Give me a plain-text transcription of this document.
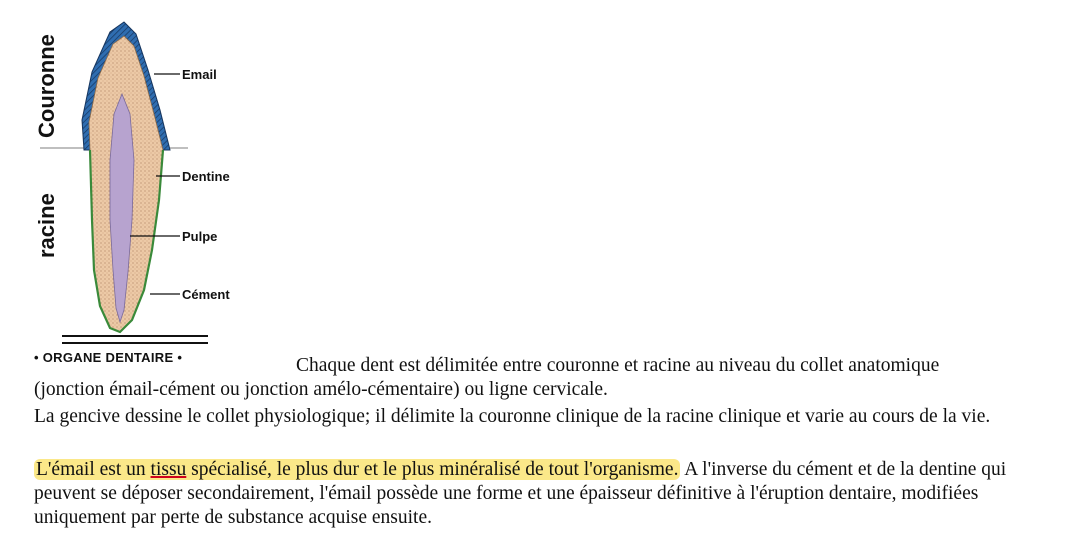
Couronne
racine
Email
Dentine
Pulpe
Cément
• ORGANE DENTAIRE •	Chaque dent est délimitée entre couronne et racine au niveau du collet anatomique
(jonction émail-cément ou jonction amélo-cémentaire) ou ligne cervicale.

La gencive dessine le collet physiologique; il délimite la couronne clinique de la racine clinique et varie au cours de la vie.

L'émail est un tissu spécialisé, le plus dur et le plus minéralisé de tout l'organisme. A l'inverse du cément et de la dentine qui peuvent se déposer secondairement, l'émail possède une forme et une épaisseur définitive à l'éruption dentaire, modifiées uniquement par perte de substance acquise ensuite.
